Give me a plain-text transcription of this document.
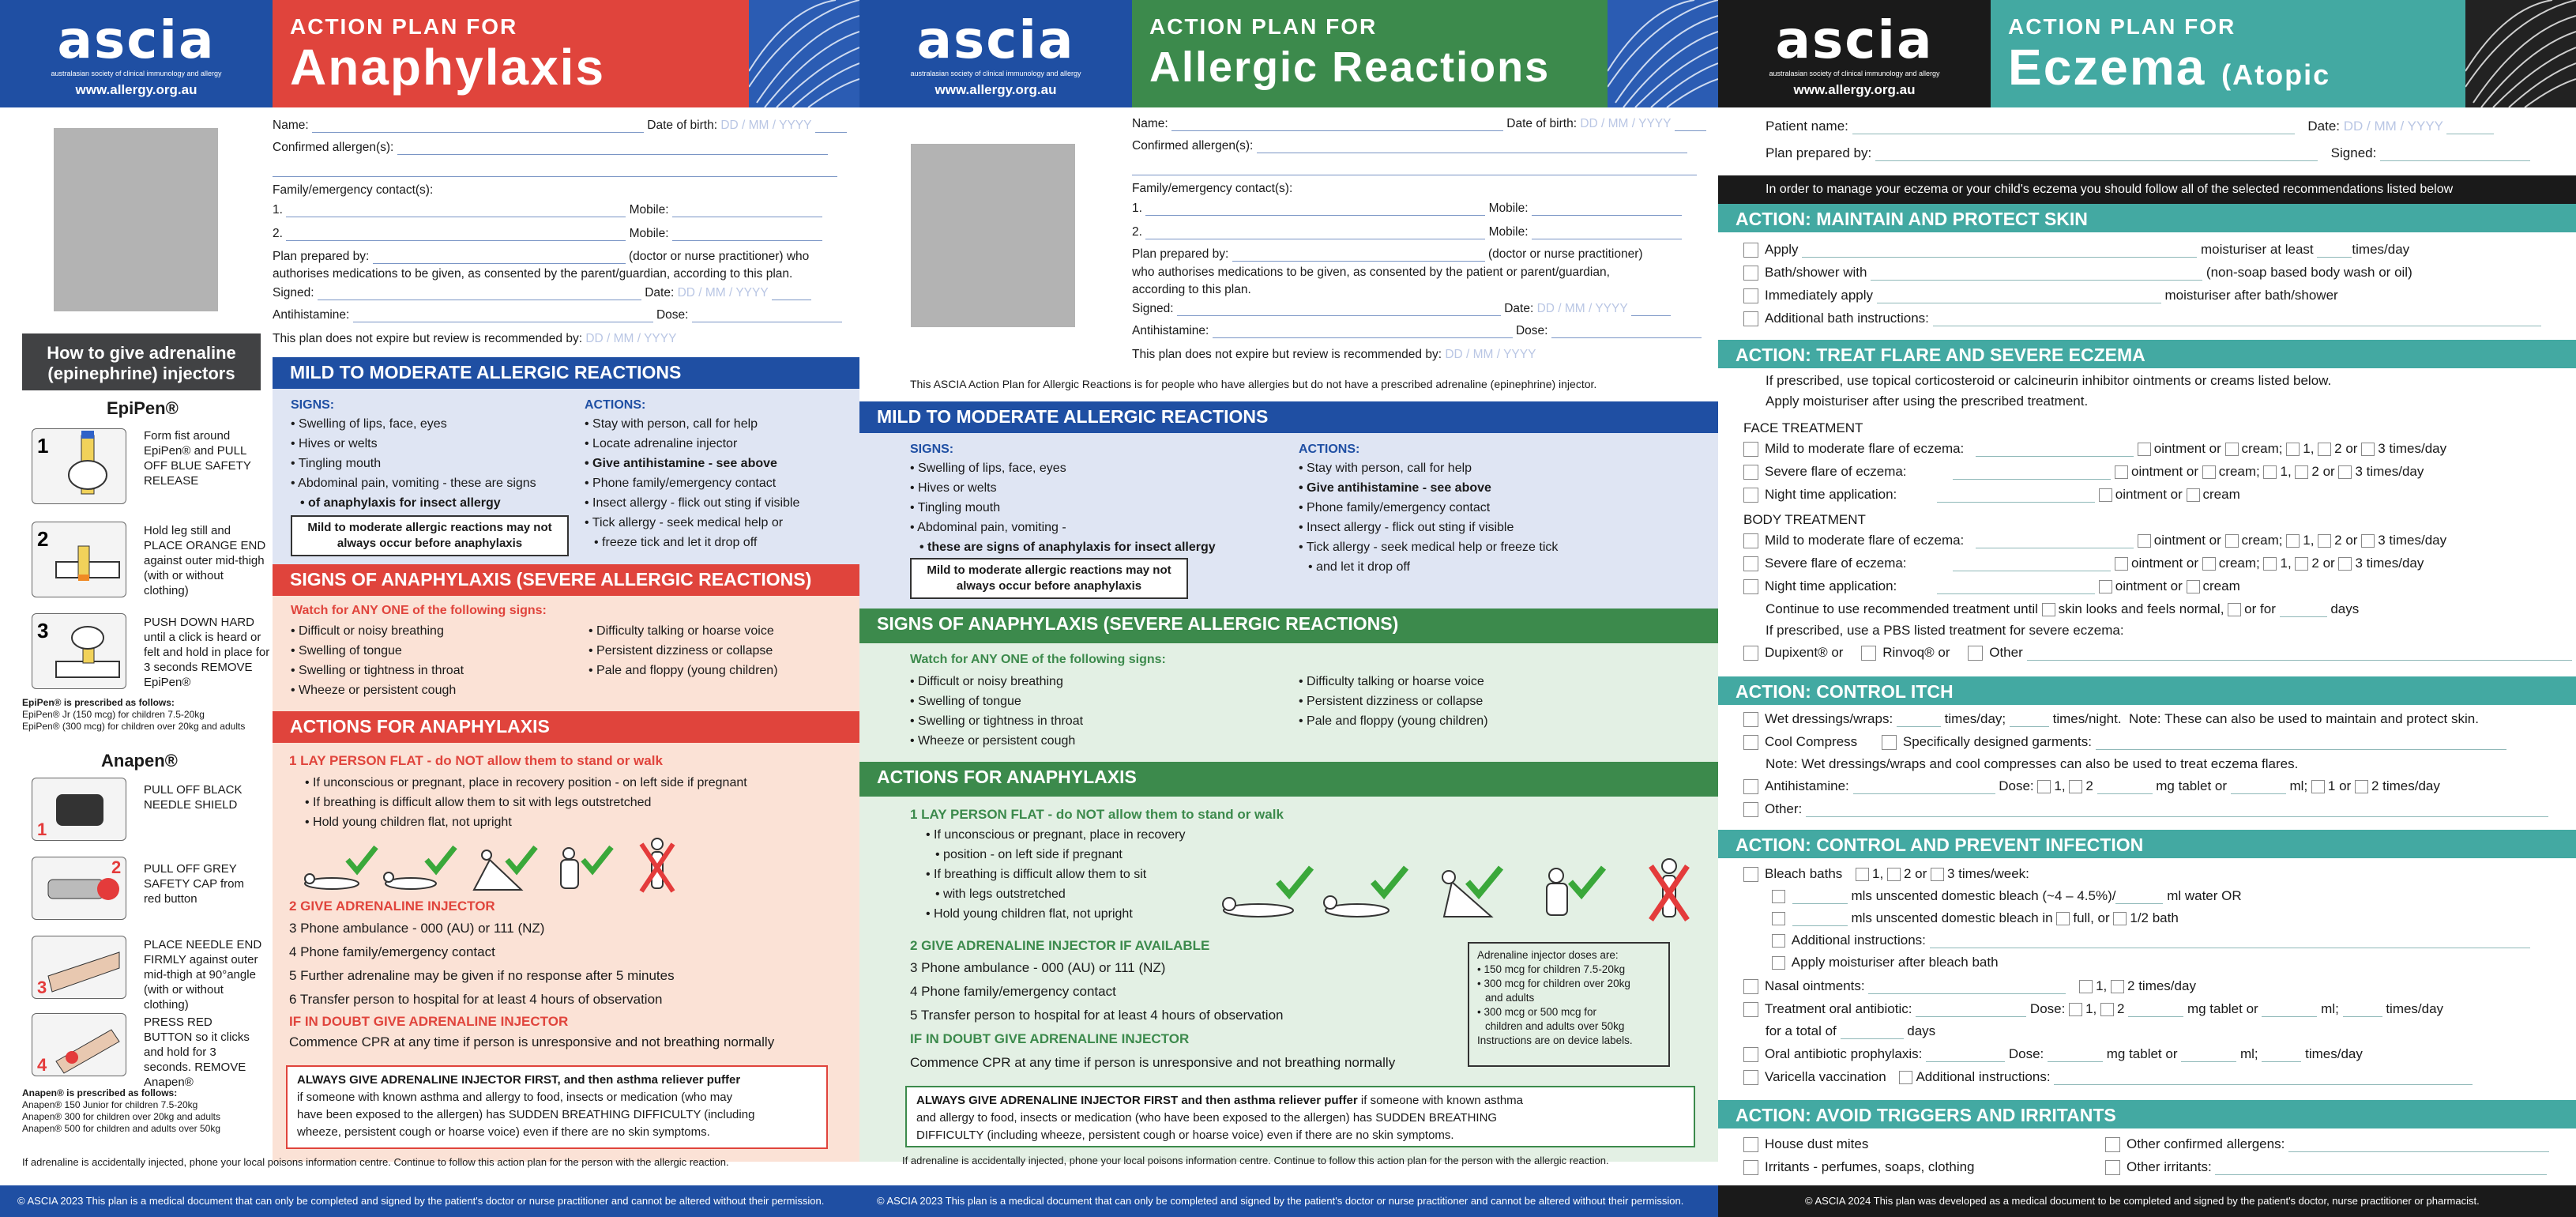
ascia
australasian society of clinical immunology and allergy
www.allergy.org.au
ACTION PLAN FOR
Anaphylaxis
Name:	Date of birth: DD / MM / YYYY
Confirmed allergen(s):
Family/emergency contact(s):
1.	Mobile:
2.	Mobile:
Plan prepared by:	(doctor or nurse practitioner) who
authorises medications to be given, as consented by the parent/guardian, according to this plan.
Signed:	Date: DD / MM / YYYY
Antihistamine:	Dose:
This plan does not expire but review is recommended by: DD / MM / YYYY
How to give adrenaline (epinephrine) injectors
EpiPen®
1	Form fist around EpiPen® and PULL OFF BLUE SAFETY RELEASE
2	Hold leg still and PLACE ORANGE END against outer mid-thigh (with or without clothing)
3	PUSH DOWN HARD until a click is heard or felt and hold in place for 3 seconds REMOVE EpiPen®
EpiPen® is prescribed as follows:
EpiPen® Jr (150 mcg) for children 7.5-20kg
EpiPen® (300 mcg) for children over 20kg and adults
Anapen®
1
PULL OFF BLACK NEEDLE SHIELD
2 PULL OFF GREY SAFETY CAP from red button
3
PLACE NEEDLE END FIRMLY against outer mid-thigh at 90°angle (with or without clothing)
4
PRESS RED BUTTON so it clicks and hold for 3 seconds. REMOVE Anapen®
Anapen® is prescribed as follows:
Anapen® 150 Junior for children 7.5-20kg
Anapen® 300 for children over 20kg and adults
Anapen® 500 for children and adults over 50kg
MILD TO MODERATE ALLERGIC REACTIONS
SIGNS:
• Swelling of lips, face, eyes
• Hives or welts
• Tingling mouth
• Abdominal pain, vomiting - these are signs
• of anaphylaxis for insect allergy
ACTIONS:
• Stay with person, call for help
• Locate adrenaline injector
• Give antihistamine - see above
• Phone family/emergency contact
• Insect allergy - flick out sting if visible
• Tick allergy - seek medical help or
• freeze tick and let it drop off
Mild to moderate allergic reactions may not always occur before anaphylaxis
SIGNS OF ANAPHYLAXIS (SEVERE ALLERGIC REACTIONS)
Watch for ANY ONE of the following signs:
• Difficult or noisy breathing
• Swelling of tongue
• Swelling or tightness in throat
• Wheeze or persistent cough
• Difficulty talking or hoarse voice
• Persistent dizziness or collapse
• Pale and floppy (young children)
ACTIONS FOR ANAPHYLAXIS
1 LAY PERSON FLAT - do NOT allow them to stand or walk
• If unconscious or pregnant, place in recovery position - on left side if pregnant
• If breathing is difficult allow them to sit with legs outstretched
• Hold young children flat, not upright
2 GIVE ADRENALINE INJECTOR
3 Phone ambulance - 000 (AU) or 111 (NZ)
4 Phone family/emergency contact
5 Further adrenaline may be given if no response after 5 minutes
6 Transfer person to hospital for at least 4 hours of observation
IF IN DOUBT GIVE ADRENALINE INJECTOR
Commence CPR at any time if person is unresponsive and not breathing normally
ALWAYS GIVE ADRENALINE INJECTOR FIRST, and then asthma reliever puffer
if someone with known asthma and allergy to food, insects or medication (who may
have been exposed to the allergen) has SUDDEN BREATHING DIFFICULTY (including
wheeze, persistent cough or hoarse voice) even if there are no skin symptoms.
If adrenaline is accidentally injected, phone your local poisons information centre. Continue to follow this action plan for the person with the allergic reaction.
© ASCIA 2023 This plan is a medical document that can only be completed and signed by the patient's doctor or nurse practitioner and cannot be altered without their permission.
ascia
australasian society of clinical immunology and allergy
www.allergy.org.au
ACTION PLAN FOR
Allergic Reactions
Name:	Date of birth: DD / MM / YYYY
Confirmed allergen(s):
Family/emergency contact(s):
1.	Mobile:
2.	Mobile:
Plan prepared by:	(doctor or nurse practitioner)
who authorises medications to be given, as consented by the patient or parent/guardian,
according to this plan.
Signed:	Date: DD / MM / YYYY
Antihistamine:	Dose:
This plan does not expire but review is recommended by: DD / MM / YYYY
This ASCIA Action Plan for Allergic Reactions is for people who have allergies but do not have a prescribed adrenaline (epinephrine) injector.
MILD TO MODERATE ALLERGIC REACTIONS
SIGNS:
• Swelling of lips, face, eyes
• Hives or welts
• Tingling mouth
• Abdominal pain, vomiting -
• these are signs of anaphylaxis for insect allergy
ACTIONS:
• Stay with person, call for help
• Give antihistamine - see above
• Phone family/emergency contact
• Insect allergy - flick out sting if visible
• Tick allergy - seek medical help or freeze tick
• and let it drop off
Mild to moderate allergic reactions may not always occur before anaphylaxis
SIGNS OF ANAPHYLAXIS (SEVERE ALLERGIC REACTIONS)
Watch for ANY ONE of the following signs:
• Difficult or noisy breathing
• Swelling of tongue
• Swelling or tightness in throat
• Wheeze or persistent cough
• Difficulty talking or hoarse voice
• Persistent dizziness or collapse
• Pale and floppy (young children)
ACTIONS FOR ANAPHYLAXIS
1 LAY PERSON FLAT - do NOT allow them to stand or walk
• If unconscious or pregnant, place in recovery
• position - on left side if pregnant
• If breathing is difficult allow them to sit
• with legs outstretched
• Hold young children flat, not upright
2 GIVE ADRENALINE INJECTOR IF AVAILABLE
3 Phone ambulance - 000 (AU) or 111 (NZ)
4 Phone family/emergency contact
5 Transfer person to hospital for at least 4 hours of observation
IF IN DOUBT GIVE ADRENALINE INJECTOR
Commence CPR at any time if person is unresponsive and not breathing normally
Adrenaline injector doses are:
• 150 mcg for children 7.5-20kg
• 300 mcg for children over 20kg
and adults
• 300 mcg or 500 mcg for
children and adults over 50kg
Instructions are on device labels.
ALWAYS GIVE ADRENALINE INJECTOR FIRST and then asthma reliever puffer if someone with known asthma
and allergy to food, insects or medication (who have been exposed to the allergen) has SUDDEN BREATHING
DIFFICULTY (including wheeze, persistent cough or hoarse voice) even if there are no skin symptoms.
If adrenaline is accidentally injected, phone your local poisons information centre. Continue to follow this action plan for the person with the allergic reaction.
© ASCIA 2023 This plan is a medical document that can only be completed and signed by the patient's doctor or nurse practitioner and cannot be altered without their permission.
ascia
australasian society of clinical immunology and allergy
www.allergy.org.au
ACTION PLAN FOR
Eczema (Atopic Dermatitis)
Patient name:	Date: DD / MM / YYYY
Plan prepared by:	Signed:
In order to manage your eczema or your child's eczema you should follow all of the selected recommendations listed below
ACTION: MAINTAIN AND PROTECT SKIN
Apply	moisturiser at least	times/day
Bath/shower with	(non-soap based body wash or oil)
Immediately apply	moisturiser after bath/shower
Additional bath instructions:
ACTION: TREAT FLARE AND SEVERE ECZEMA
If prescribed, use topical corticosteroid or calcineurin inhibitor ointments or creams listed below.
Apply moisturiser after using the prescribed treatment.
FACE TREATMENT
Mild to moderate flare of eczema:	ointment or cream; 1, 2 or 3 times/day
Severe flare of eczema:	ointment or cream; 1, 2 or 3 times/day
Night time application:	ointment or cream
BODY TREATMENT
Mild to moderate flare of eczema:	ointment or cream; 1, 2 or 3 times/day
Severe flare of eczema:	ointment or cream; 1, 2 or 3 times/day
Night time application:	ointment or cream
Continue to use recommended treatment until skin looks and feels normal, or for	days
If prescribed, use a PBS listed treatment for severe eczema:
Dupixent® or	Rinvoq® or	Other
ACTION: CONTROL ITCH
Wet dressings/wraps:	times/day;	times/night. Note: These can also be used to maintain and protect skin.
Cool Compress	Specifically designed garments:
Note: Wet dressings/wraps and cool compresses can also be used to treat eczema flares.
Antihistamine:	Dose: 1, 2	mg tablet or	ml; 1 or 2 times/day
Other:
ACTION: CONTROL AND PREVENT INFECTION
Bleach baths 1, 2 or 3 times/week:
mls unscented domestic bleach (~4 – 4.5%)/	ml water OR
mls unscented domestic bleach in full, or 1/2 bath
Additional instructions:
Apply moisturiser after bleach bath
Nasal ointments:	1, 2 times/day
Treatment oral antibiotic:	Dose: 1, 2	mg tablet or	ml;	times/day
for a total of	days
Oral antibiotic prophylaxis:	Dose:	mg tablet or	ml;	times/day
Varicella vaccination Additional instructions:
ACTION: AVOID TRIGGERS AND IRRITANTS
House dust mites
Irritants - perfumes, soaps, clothing
Other confirmed allergens:
Other irritants:
© ASCIA 2024 This plan was developed as a medical document to be completed and signed by the patient's doctor, nurse practitioner or pharmacist.
